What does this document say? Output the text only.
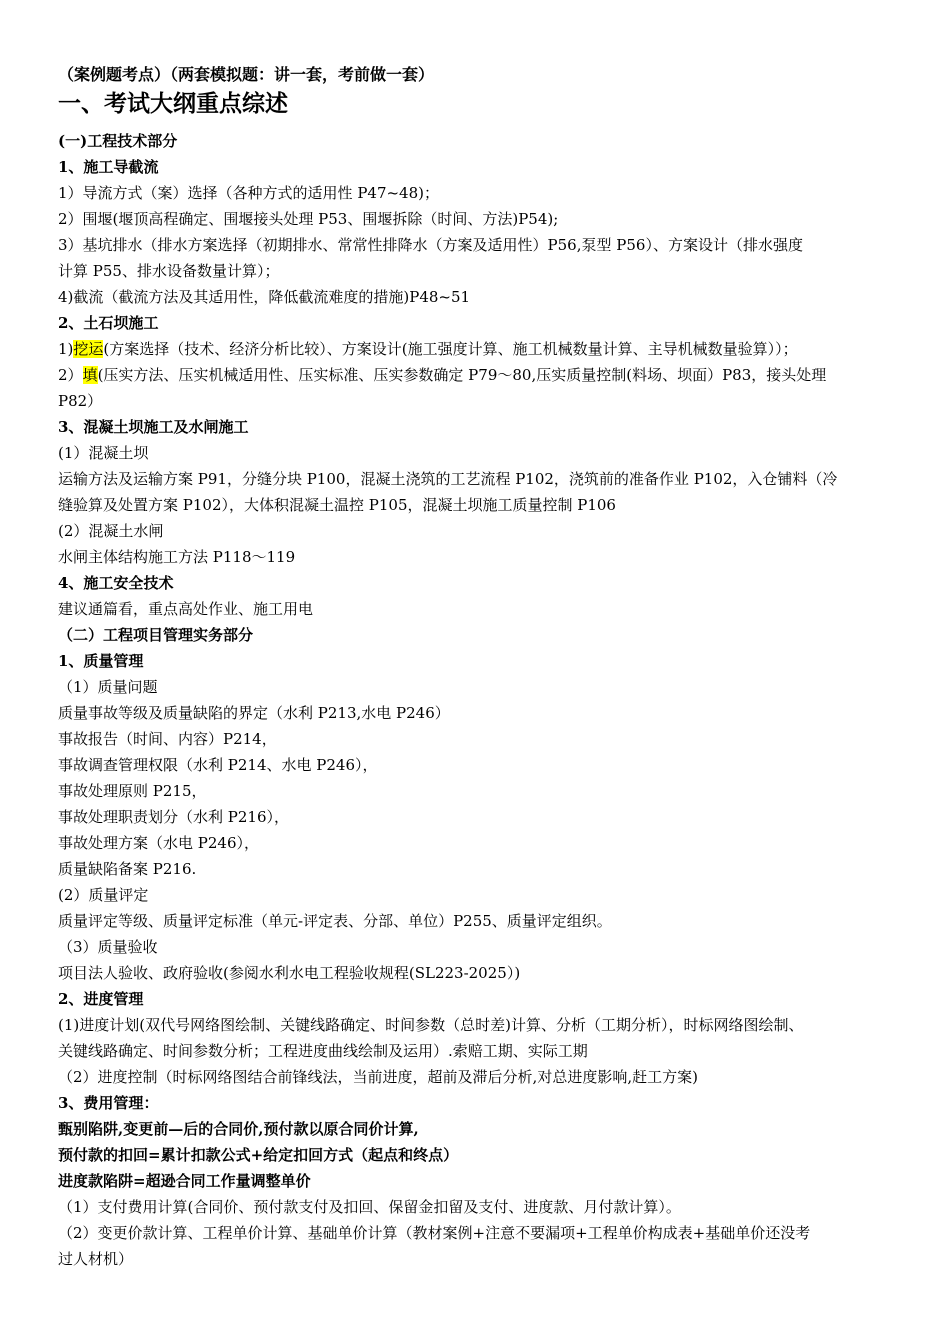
（案例题考点）（两套模拟题：讲一套，考前做一套）
一、考试大纲重点综述
(一)工程技术部分
1、施工导截流
1）导流方式（案）选择（各种方式的适用性 P47~48)；
2）围堰(堰顶高程确定、围堰接头处理 P53、围堰拆除（时间、方法)P54);
3）基坑排水（排水方案选择（初期排水、常常性排降水（方案及适用性）P56,泵型 P56）、方案设计（排水强度
计算 P55、排水设备数量计算）；
4)截流（截流方法及其适用性，降低截流难度的措施)P48~51
2、土石坝施工
1)挖运(方案选择（技术、经济分析比较）、方案设计(施工强度计算、施工机械数量计算、主导机械数量验算））；
2）填(压实方法、压实机械适用性、压实标准、压实参数确定 P79～80,压实质量控制(料场、坝面）P83，接头处理
P82）
3、混凝土坝施工及水闸施工
(1）混凝土坝
运输方法及运输方案 P91，分缝分块 P100，混凝土浇筑的工艺流程 P102，浇筑前的准备作业 P102，入仓铺料（冷
缝验算及处置方案 P102），大体积混凝土温控 P105，混凝土坝施工质量控制 P106
(2）混凝土水闸
水闸主体结构施工方法 P118～119
4、施工安全技术
建议通篇看，重点高处作业、施工用电
（二）工程项目管理实务部分
1、质量管理
（1）质量问题
质量事故等级及质量缺陷的界定（水利 P213,水电 P246）
事故报告（时间、内容）P214，
事故调查管理权限（水利 P214、水电 P246），
事故处理原则 P215，
事故处理职责划分（水利 P216），
事故处理方案（水电 P246），
质量缺陷备案 P216.
(2）质量评定
质量评定等级、质量评定标准（单元-评定表、分部、单位）P255、质量评定组织。
（3）质量验收
项目法人验收、政府验收(参阅水利水电工程验收规程(SL223-2025）)
2、进度管理
(1)进度计划(双代号网络图绘制、关键线路确定、时间参数（总时差)计算、分析（工期分析），时标网络图绘制、
关键线路确定、时间参数分析；工程进度曲线绘制及运用）.索赔工期、实际工期
（2）进度控制（时标网络图结合前锋线法，当前进度，超前及滞后分析,对总进度影响,赶工方案)
3、费用管理：
甄别陷阱,变更前—后的合同价,预付款以原合同价计算,
预付款的扣回=累计扣款公式+给定扣回方式（起点和终点）
进度款陷阱=超逊合同工作量调整单价
（1）支付费用计算(合同价、预付款支付及扣回、保留金扣留及支付、进度款、月付款计算）。
（2）变更价款计算、工程单价计算、基础单价计算（教材案例+注意不要漏项+工程单价构成表+基础单价还没考
过人材机）
